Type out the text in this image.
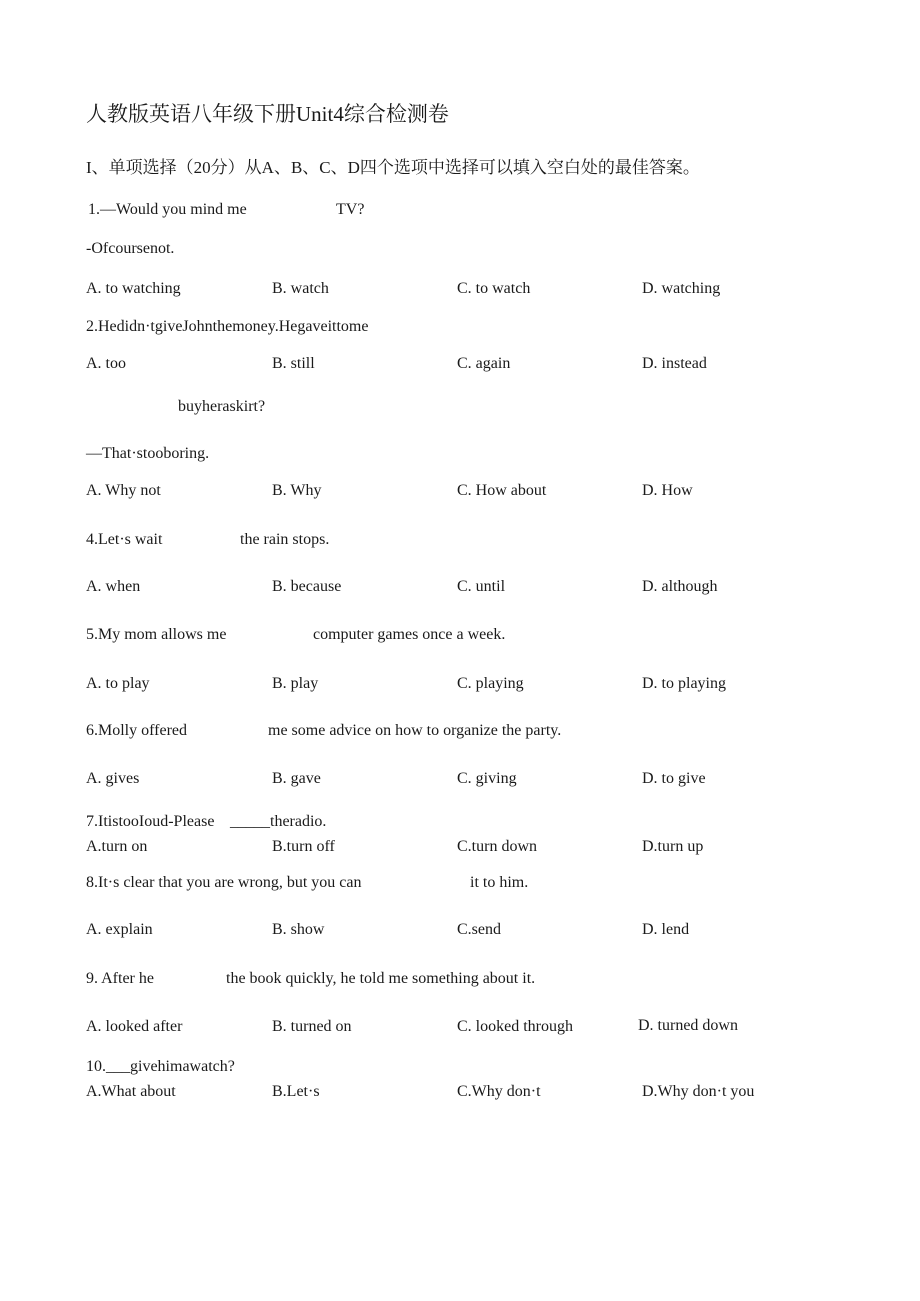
人教版英语八年级下册Unit4综合检测卷
I、单项选择（20分）从A、B、C、D四个选项中选择可以填入空白处的最佳答案。
1.—Would you mind me	TV?
-Ofcoursenot.
A. to watching	B. watch	C. to watch	D. watching
2.Hedidn·tgiveJohnthemoney.Hegaveittome
A. too	B. still	C. again	D. instead
buyheraskirt?
—That·stooboring.
A. Why not	B. Why	C. How about	D. How
4.Let·s wait	the rain stops.
A. when	B. because	C. until	D. although
5.My mom allows me	computer games once a week.
A. to play	B. play	C. playing	D. to playing
6.Molly offered	me some advice on how to organize the party.
A. gives	B. gave	C. giving	D. to give
7.ItistooIoud-Please _____theradio.
A.turn on	B.turn off	C.turn down	D.turn up
8.It·s clear that you are wrong, but you can	it to him.
A. explain	B. show	C.send	D. lend
9. After he	the book quickly, he told me something about it.
A. looked after	B. turned on	C. looked through	D. turned down
10.___givehimawatch?
A.What about	B.Let·s	C.Why don·t	D.Why don·t you
